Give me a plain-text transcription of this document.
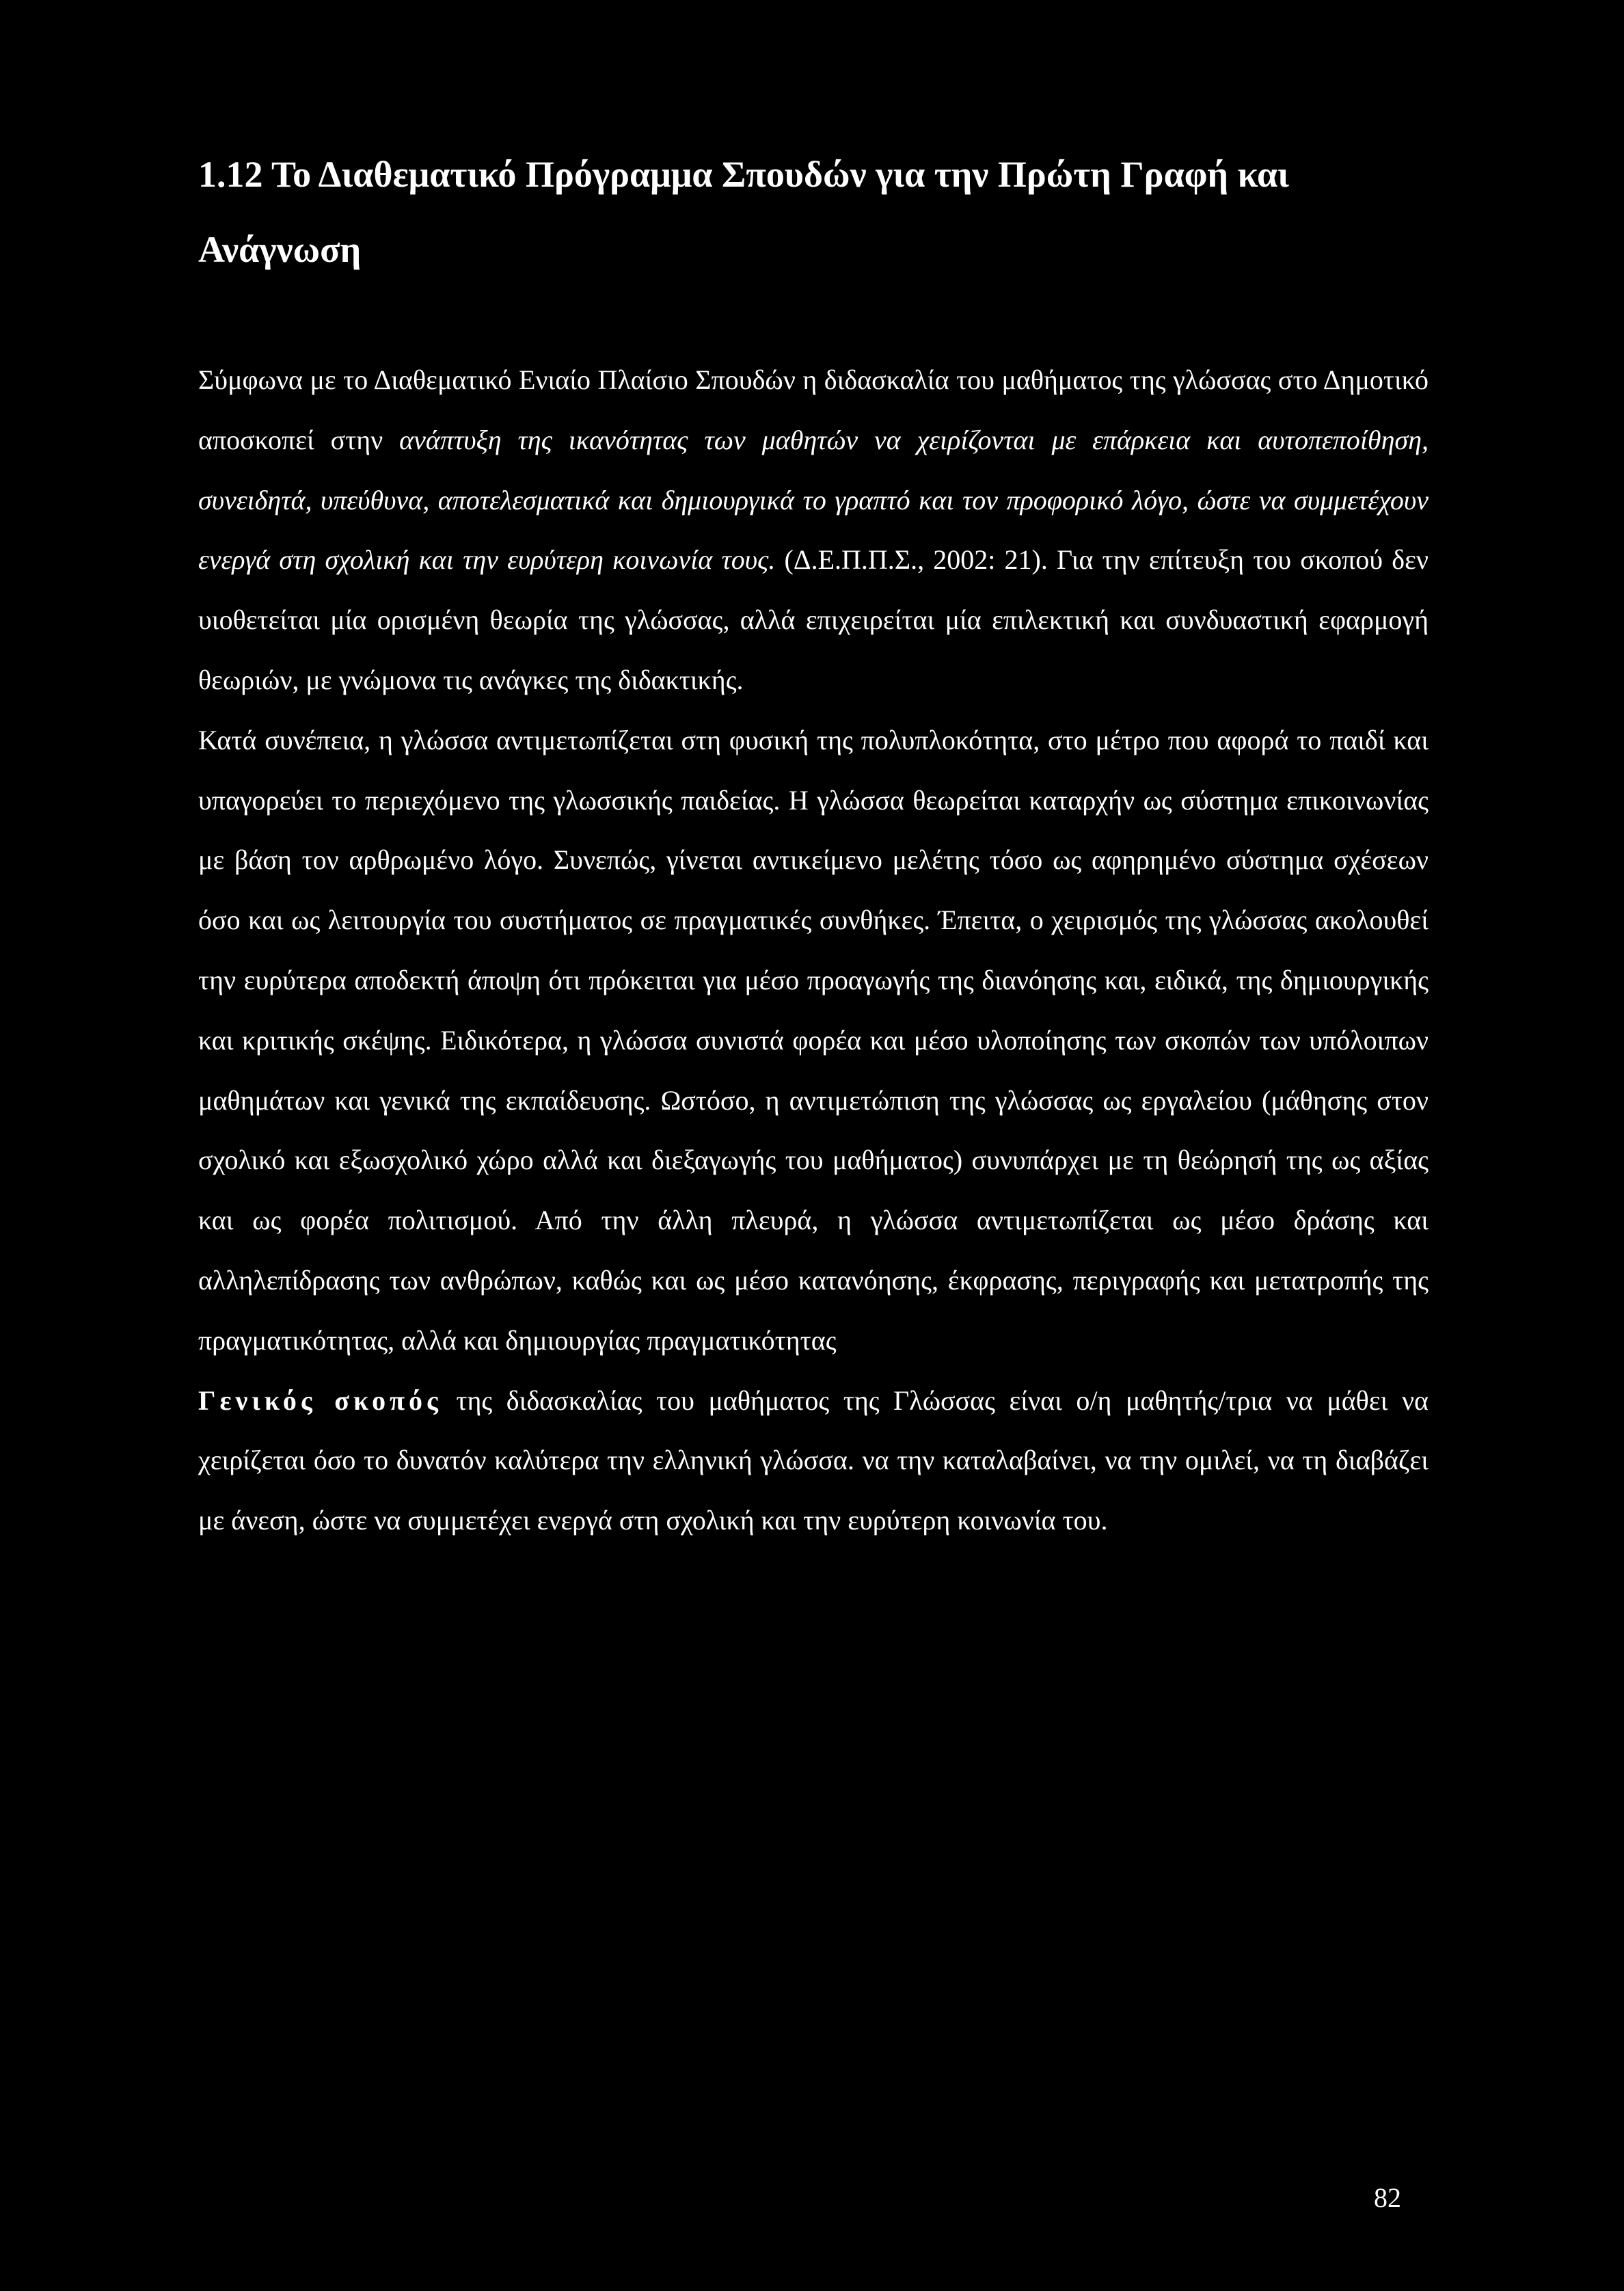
1.12 Το Διαθεματικό Πρόγραμμα Σπουδών για την Πρώτη Γραφή και Ανάγνωση

Σύμφωνα με το Διαθεματικό Ενιαίο Πλαίσιο Σπουδών η διδασκαλία του μαθήματος της γλώσσας στο Δημοτικό αποσκοπεί στην ανάπτυξη της ικανότητας των μαθητών να χειρίζονται με επάρκεια και αυτοπεποίθηση, συνειδητά, υπεύθυνα, αποτελεσματικά και δημιουργικά το γραπτό και τον προφορικό λόγο, ώστε να συμμετέχουν ενεργά στη σχολική και την ευρύτερη κοινωνία τους. (Δ.Ε.Π.Π.Σ., 2002: 21). Για την επίτευξη του σκοπού δεν υιοθετείται μία ορισμένη θεωρία της γλώσσας, αλλά επιχειρείται μία επιλεκτική και συνδυαστική εφαρμογή θεωριών, με γνώμονα τις ανάγκες της διδακτικής.

Κατά συνέπεια, η γλώσσα αντιμετωπίζεται στη φυσική της πολυπλοκότητα, στο μέτρο που αφορά το παιδί και υπαγορεύει το περιεχόμενο της γλωσσικής παιδείας. Η γλώσσα θεωρείται καταρχήν ως σύστημα επικοινωνίας με βάση τον αρθρωμένο λόγο. Συνεπώς, γίνεται αντικείμενο μελέτης τόσο ως αφηρημένο σύστημα σχέσεων όσο και ως λειτουργία του συστήματος σε πραγματικές συνθήκες. Έπειτα, ο χειρισμός της γλώσσας ακολουθεί την ευρύτερα αποδεκτή άποψη ότι πρόκειται για μέσο προαγωγής της διανόησης και, ειδικά, της δημιουργικής και κριτικής σκέψης. Ειδικότερα, η γλώσσα συνιστά φορέα και μέσο υλοποίησης των σκοπών των υπόλοιπων μαθημάτων και γενικά της εκπαίδευσης. Ωστόσο, η αντιμετώπιση της γλώσσας ως εργαλείου (μάθησης στον σχολικό και εξωσχολικό χώρο αλλά και διεξαγωγής του μαθήματος) συνυπάρχει με τη θεώρησή της ως αξίας και ως φορέα πολιτισμού. Από την άλλη πλευρά, η γλώσσα αντιμετωπίζεται ως μέσο δράσης και αλληλεπίδρασης των ανθρώπων, καθώς και ως μέσο κατανόησης, έκφρασης, περιγραφής και μετατροπής της πραγματικότητας, αλλά και δημιουργίας πραγματικότητας

Γενικός σκοπός της διδασκαλίας του μαθήματος της Γλώσσας είναι ο/η μαθητής/τρια να μάθει να χειρίζεται όσο το δυνατόν καλύτερα την ελληνική γλώσσα. να την καταλαβαίνει, να την ομιλεί, να τη διαβάζει με άνεση, ώστε να συμμετέχει ενεργά στη σχολική και την ευρύτερη κοινωνία του.

82
